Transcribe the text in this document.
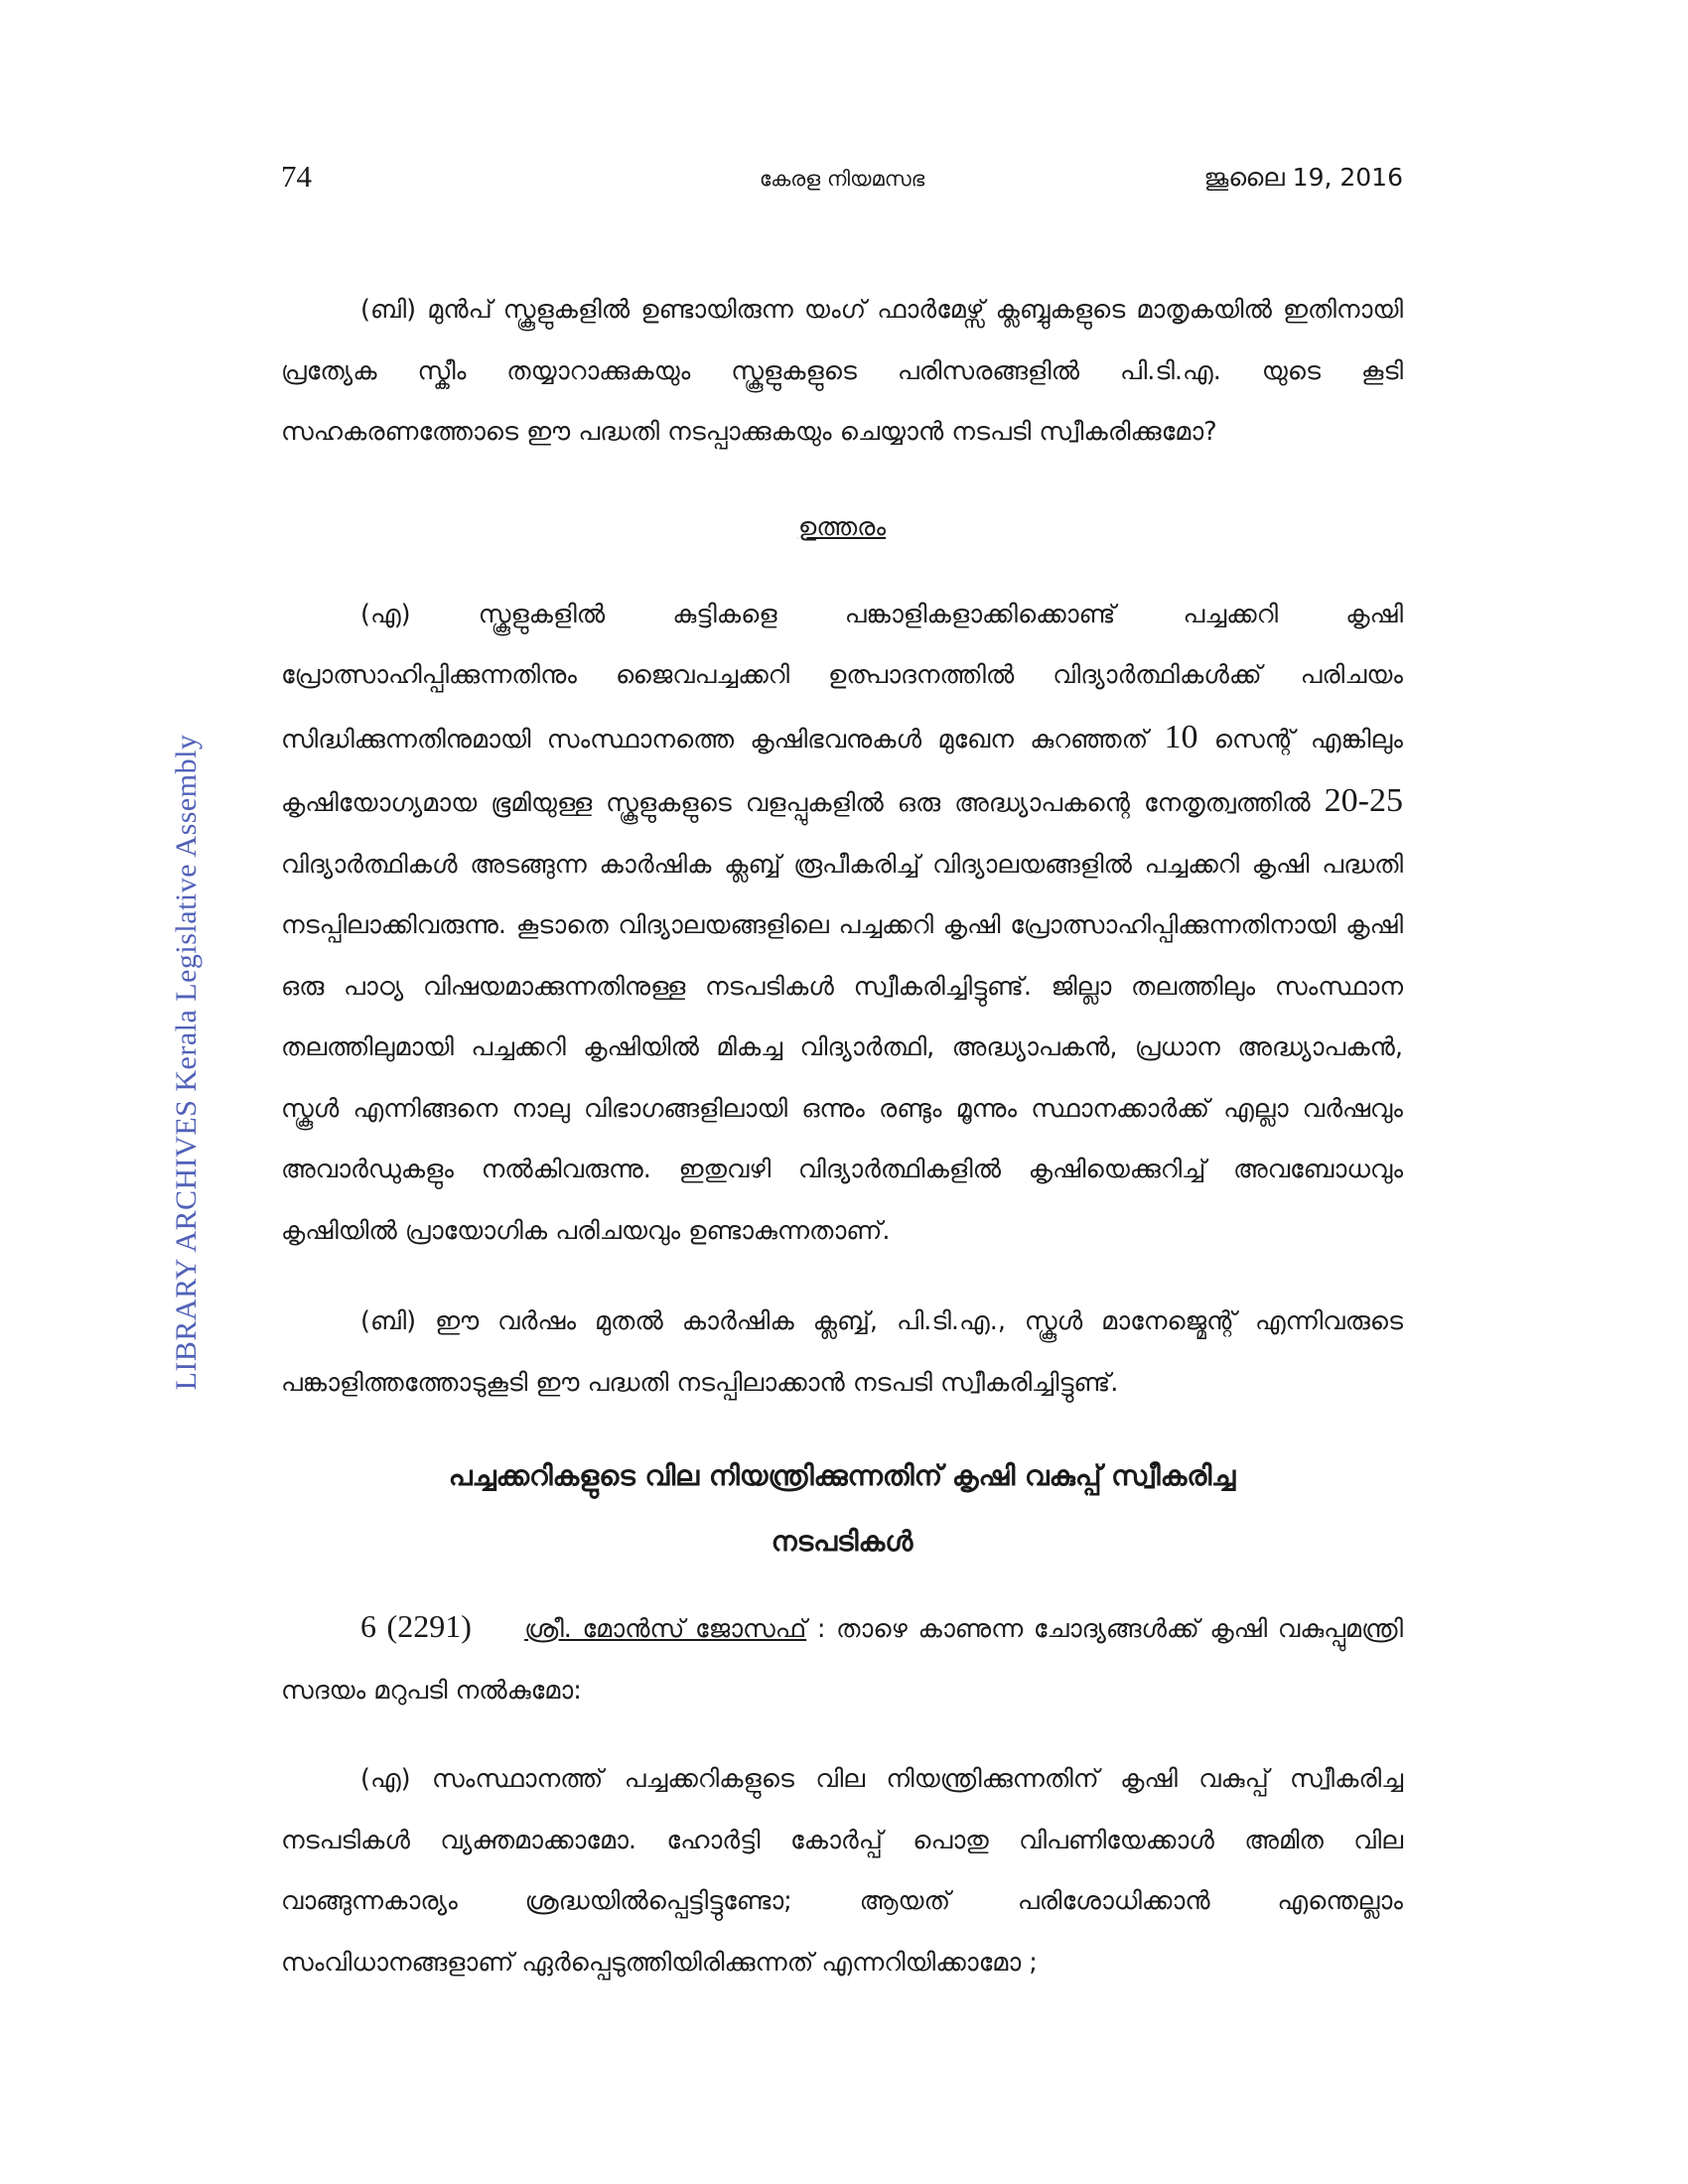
LIBRARY ARCHIVES Kerala Legislative Assembly
74	കേരള നിയമസഭ	ജൂലൈ 19, 2016

(ബി) മുൻപ് സ്കൂളുകളിൽ ഉണ്ടായിരുന്ന യംഗ് ഫാർമേഴ്സ് ക്ലബ്ബുകളുടെ മാതൃകയിൽ ഇതിനായി പ്രത്യേക സ്കീം തയ്യാറാക്കുകയും സ്കൂളുകളുടെ പരിസരങ്ങളിൽ പി.ടി.എ. യുടെ കൂടി സഹകരണത്തോടെ ഈ പദ്ധതി നടപ്പാക്കുകയും ചെയ്യാൻ നടപടി സ്വീകരിക്കുമോ?

ഉത്തരം

(എ) സ്കൂളുകളിൽ കുട്ടികളെ പങ്കാളികളാക്കിക്കൊണ്ട് പച്ചക്കറി കൃഷി പ്രോത്സാഹിപ്പിക്കുന്നതിനും ജൈവപച്ചക്കറി ഉത്പാദനത്തിൽ വിദ്യാർത്ഥികൾക്ക് പരിചയം സിദ്ധിക്കുന്നതിനുമായി സംസ്ഥാനത്തെ കൃഷിഭവനുകൾ മുഖേന കുറഞ്ഞത് 10 സെന്റ് എങ്കിലും കൃഷിയോഗ്യമായ ഭൂമിയുള്ള സ്കൂളുകളുടെ വളപ്പുകളിൽ ഒരു അദ്ധ്യാപകന്റെ നേതൃത്വത്തിൽ 20-25 വിദ്യാർത്ഥികൾ അടങ്ങുന്ന കാർഷിക ക്ലബ്ബ് രൂപീകരിച്ച് വിദ്യാലയങ്ങളിൽ പച്ചക്കറി കൃഷി പദ്ധതി നടപ്പിലാക്കിവരുന്നു. കൂടാതെ വിദ്യാലയങ്ങളിലെ പച്ചക്കറി കൃഷി പ്രോത്സാഹിപ്പിക്കുന്നതിനായി കൃഷി ഒരു പാഠ്യ വിഷയമാക്കുന്നതിനുള്ള നടപടികൾ സ്വീകരിച്ചിട്ടുണ്ട്. ജില്ലാ തലത്തിലും സംസ്ഥാന തലത്തിലുമായി പച്ചക്കറി കൃഷിയിൽ മികച്ച വിദ്യാർത്ഥി, അദ്ധ്യാപകൻ, പ്രധാന അദ്ധ്യാപകൻ, സ്കൂൾ എന്നിങ്ങനെ നാലു വിഭാഗങ്ങളിലായി ഒന്നും രണ്ടും മൂന്നും സ്ഥാനക്കാർക്ക് എല്ലാ വർഷവും അവാർഡുകളും നൽകിവരുന്നു. ഇതുവഴി വിദ്യാർത്ഥികളിൽ കൃഷിയെക്കുറിച്ച് അവബോധവും കൃഷിയിൽ പ്രായോഗിക പരിചയവും ഉണ്ടാകുന്നതാണ്.

(ബി) ഈ വർഷം മുതൽ കാർഷിക ക്ലബ്ബ്, പി.ടി.എ., സ്കൂൾ മാനേജ്മെന്റ് എന്നിവരുടെ പങ്കാളിത്തത്തോടുകൂടി ഈ പദ്ധതി നടപ്പിലാക്കാൻ നടപടി സ്വീകരിച്ചിട്ടുണ്ട്.

പച്ചക്കറികളുടെ വില നിയന്ത്രിക്കുന്നതിന് കൃഷി വകുപ്പ് സ്വീകരിച്ച
നടപടികൾ

6 (2291) ശ്രീ. മോൻസ് ജോസഫ് : താഴെ കാണുന്ന ചോദ്യങ്ങൾക്ക് കൃഷി വകുപ്പുമന്ത്രി സദയം മറുപടി നൽകുമോ:

(എ) സംസ്ഥാനത്ത് പച്ചക്കറികളുടെ വില നിയന്ത്രിക്കുന്നതിന് കൃഷി വകുപ്പ് സ്വീകരിച്ച നടപടികൾ വ്യക്തമാക്കാമോ. ഹോർട്ടി കോർപ്പ് പൊതു വിപണിയേക്കാൾ അമിത വില വാങ്ങുന്നകാര്യം ശ്രദ്ധയിൽപ്പെട്ടിട്ടുണ്ടോ; ആയത് പരിശോധിക്കാൻ എന്തെല്ലാം സംവിധാനങ്ങളാണ് ഏർപ്പെടുത്തിയിരിക്കുന്നത് എന്നറിയിക്കാമോ ;
